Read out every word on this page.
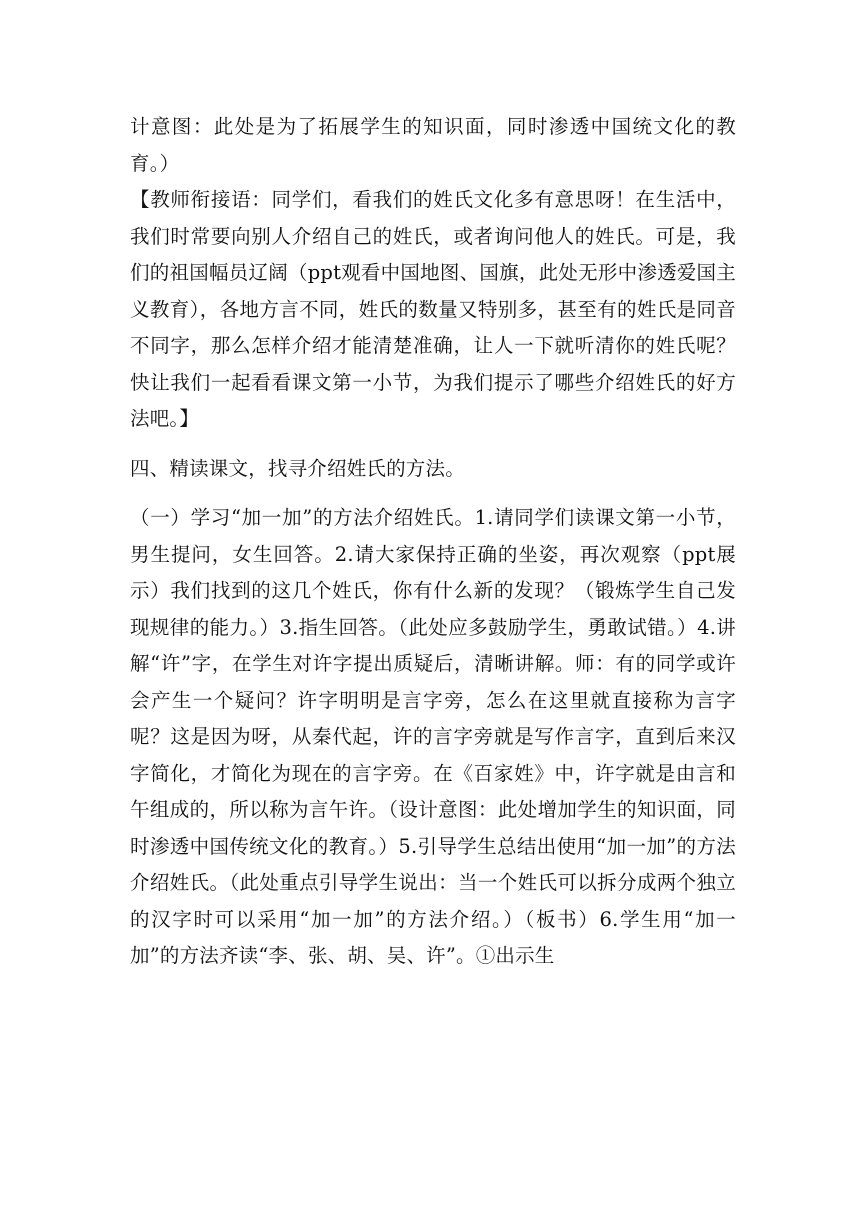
计意图：此处是为了拓展学生的知识面，同时渗透中国统文化的教育。）

【教师衔接语：同学们，看我们的姓氏文化多有意思呀！在生活中，我们时常要向别人介绍自己的姓氏，或者询问他人的姓氏。可是，我们的祖国幅员辽阔（ppt观看中国地图、国旗，此处无形中渗透爱国主义教育），各地方言不同，姓氏的数量又特别多，甚至有的姓氏是同音不同字，那么怎样介绍才能清楚准确，让人一下就听清你的姓氏呢？快让我们一起看看课文第一小节，为我们提示了哪些介绍姓氏的好方法吧。】

四、精读课文，找寻介绍姓氏的方法。

（一）学习“加一加”的方法介绍姓氏。1.请同学们读课文第一小节，男生提问，女生回答。2.请大家保持正确的坐姿，再次观察（ppt展示）我们找到的这几个姓氏，你有什么新的发现？（锻炼学生自己发现规律的能力。）3.指生回答。（此处应多鼓励学生，勇敢试错。）4.讲解“许”字，在学生对许字提出质疑后，清晰讲解。师：有的同学或许会产生一个疑问？许字明明是言字旁，怎么在这里就直接称为言字呢？这是因为呀，从秦代起，许的言字旁就是写作言字，直到后来汉字简化，才简化为现在的言字旁。在《百家姓》中，许字就是由言和午组成的，所以称为言午许。（设计意图：此处增加学生的知识面，同时渗透中国传统文化的教育。）5.引导学生总结出使用“加一加”的方法介绍姓氏。（此处重点引导学生说出：当一个姓氏可以拆分成两个独立的汉字时可以采用“加一加”的方法介绍。）（板书）6.学生用“加一加”的方法齐读“李、张、胡、吴、许”。①出示生
